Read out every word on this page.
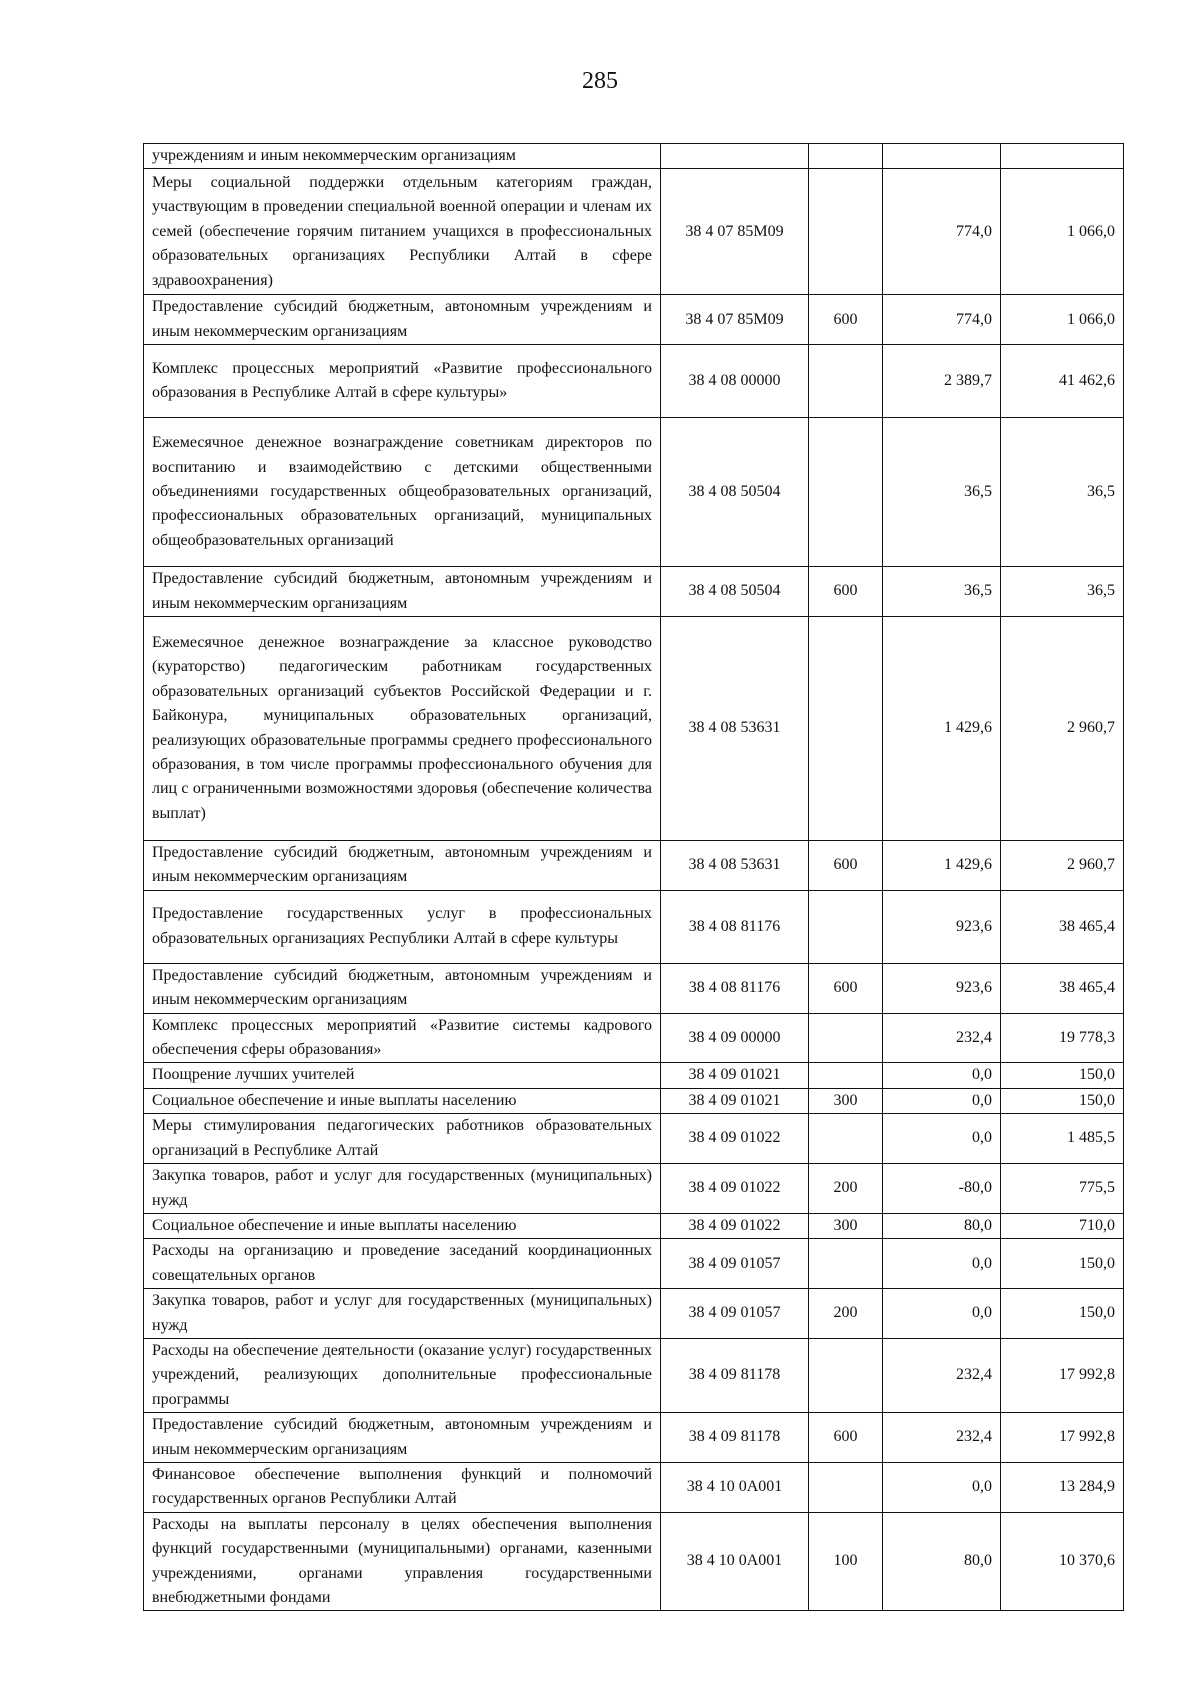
285
учреждениям и иным некоммерческим организациям				
Меры социальной поддержки отдельным категориям граждан, участвующим в проведении специальной военной операции и членам их семей (обеспечение горячим питанием учащихся в профессиональных образовательных организациях Республики Алтай в сфере здравоохранения)	38 4 07 85М09		774,0	1 066,0
Предоставление субсидий бюджетным, автономным учреждениям и иным некоммерческим организациям	38 4 07 85М09	600	774,0	1 066,0
Комплекс процессных мероприятий «Развитие профессионального образования в Республике Алтай в сфере культуры»	38 4 08 00000		2 389,7	41 462,6
Ежемесячное денежное вознаграждение советникам директоров по воспитанию и взаимодействию с детскими общественными объединениями государственных общеобразовательных организаций, профессиональных образовательных организаций, муниципальных общеобразовательных организаций	38 4 08 50504		36,5	36,5
Предоставление субсидий бюджетным, автономным учреждениям и иным некоммерческим организациям	38 4 08 50504	600	36,5	36,5
Ежемесячное денежное вознаграждение за классное руководство (кураторство) педагогическим работникам государственных образовательных организаций субъектов Российской Федерации и г. Байконура, муниципальных образовательных организаций, реализующих образовательные программы среднего профессионального образования, в том числе программы профессионального обучения для лиц с ограниченными возможностями здоровья (обеспечение количества выплат)	38 4 08 53631		1 429,6	2 960,7
Предоставление субсидий бюджетным, автономным учреждениям и иным некоммерческим организациям	38 4 08 53631	600	1 429,6	2 960,7
Предоставление государственных услуг в профессиональных образовательных организациях Республики Алтай в сфере культуры	38 4 08 81176		923,6	38 465,4
Предоставление субсидий бюджетным, автономным учреждениям и иным некоммерческим организациям	38 4 08 81176	600	923,6	38 465,4
Комплекс процессных мероприятий «Развитие системы кадрового обеспечения сферы образования»	38 4 09 00000		232,4	19 778,3
Поощрение лучших учителей	38 4 09 01021		0,0	150,0
Социальное обеспечение и иные выплаты населению	38 4 09 01021	300	0,0	150,0
Меры стимулирования педагогических работников образовательных организаций в Республике Алтай	38 4 09 01022		0,0	1 485,5
Закупка товаров, работ и услуг для государственных (муниципальных) нужд	38 4 09 01022	200	-80,0	775,5
Социальное обеспечение и иные выплаты населению	38 4 09 01022	300	80,0	710,0
Расходы на организацию и проведение заседаний координационных совещательных органов	38 4 09 01057		0,0	150,0
Закупка товаров, работ и услуг для государственных (муниципальных) нужд	38 4 09 01057	200	0,0	150,0
Расходы на обеспечение деятельности (оказание услуг) государственных учреждений, реализующих дополнительные профессиональные программы	38 4 09 81178		232,4	17 992,8
Предоставление субсидий бюджетным, автономным учреждениям и иным некоммерческим организациям	38 4 09 81178	600	232,4	17 992,8
Финансовое обеспечение выполнения функций и полномочий государственных органов Республики Алтай	38 4 10 0А001		0,0	13 284,9
Расходы на выплаты персоналу в целях обеспечения выполнения функций государственными (муниципальными) органами, казенными учреждениями, органами управления государственными внебюджетными фондами	38 4 10 0А001	100	80,0	10 370,6
